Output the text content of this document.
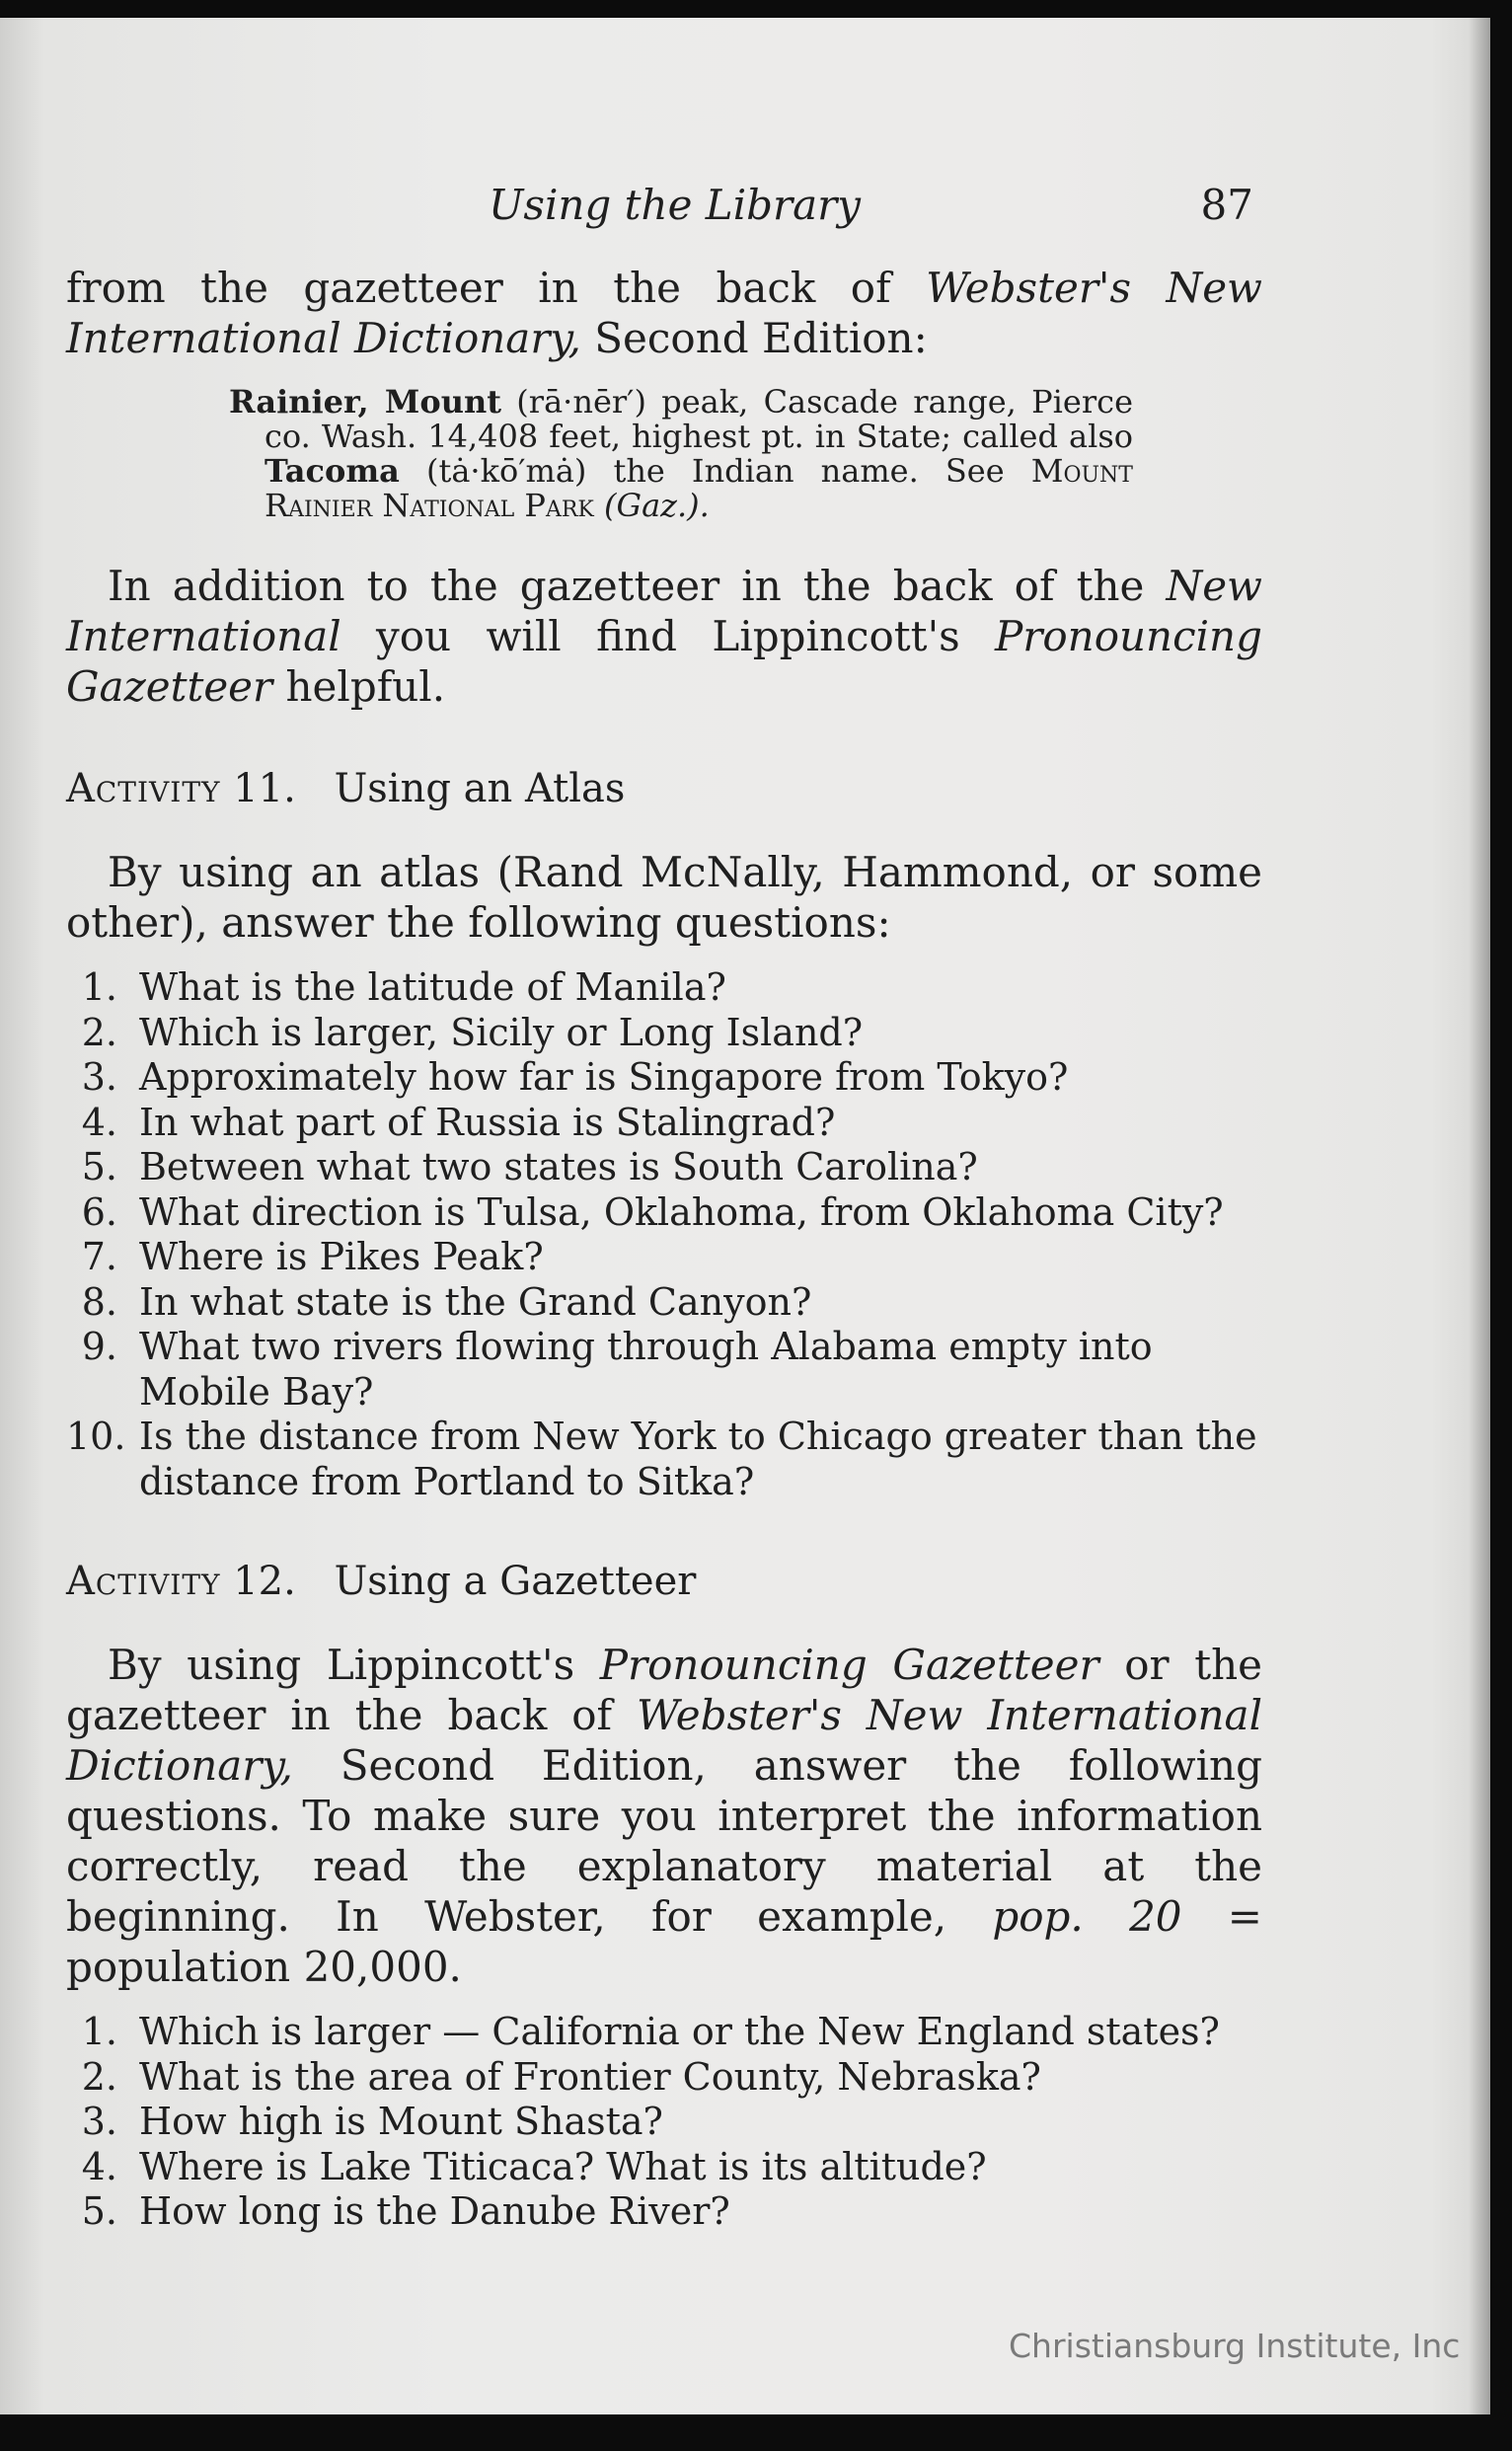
Using the Library	87

from the gazetteer in the back of Webster's New International Dictionary, Second Edition:

Rainier, Mount (rā·nēr′) peak, Cascade range, Pierce co. Wash. 14,408 feet, highest pt. in State; called also Tacoma (tȧ·kō′mȧ) the Indian name. See Mount Rainier National Park (Gaz.).

In addition to the gazetteer in the back of the New International you will find Lippincott's Pronouncing Gazetteer helpful.

Activity 11. Using an Atlas

By using an atlas (Rand McNally, Hammond, or some other), answer the following questions:

1. What is the latitude of Manila?
2. Which is larger, Sicily or Long Island?
3. Approximately how far is Singapore from Tokyo?
4. In what part of Russia is Stalingrad?
5. Between what two states is South Carolina?
6. What direction is Tulsa, Oklahoma, from Oklahoma City?
7. Where is Pikes Peak?
8. In what state is the Grand Canyon?
9. What two rivers flowing through Alabama empty into Mobile Bay?
10. Is the distance from New York to Chicago greater than the distance from Portland to Sitka?
Activity 12. Using a Gazetteer

By using Lippincott's Pronouncing Gazetteer or the gazetteer in the back of Webster's New International Dictionary, Second Edition, answer the following questions. To make sure you interpret the information correctly, read the explanatory material at the beginning. In Webster, for example, pop. 20 = population 20,000.

1. Which is larger — California or the New England states?
2. What is the area of Frontier County, Nebraska?
3. How high is Mount Shasta?
4. Where is Lake Titicaca? What is its altitude?
5. How long is the Danube River?
Christiansburg Institute, Inc
